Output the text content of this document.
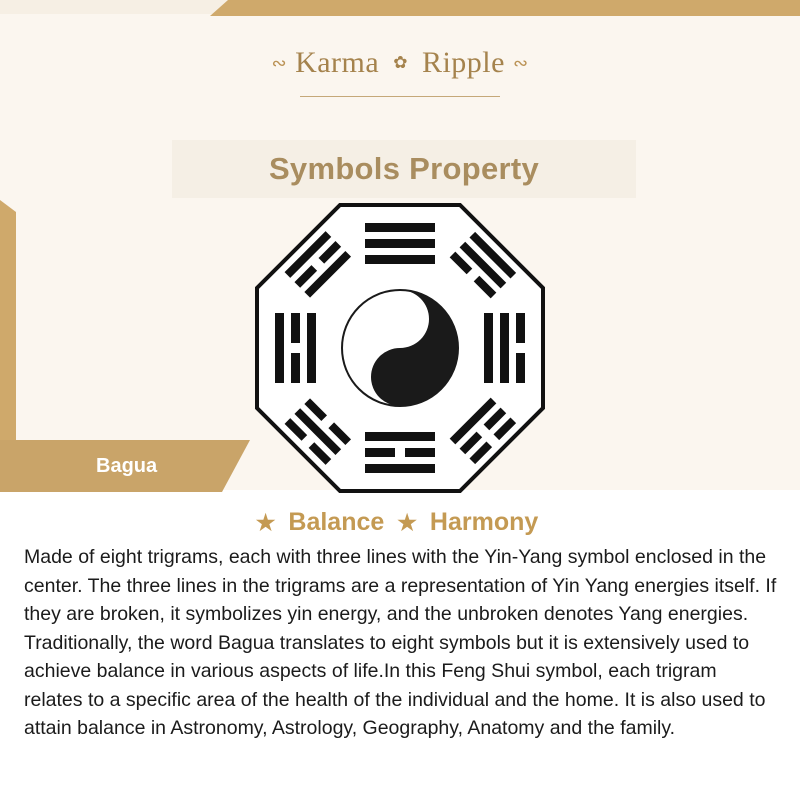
∾ Karma ✿ Ripple ∾
Symbols Property
Bagua
★ Balance ★ Harmony
Made of eight trigrams, each with three lines with the Yin-Yang symbol enclosed in the center. The three lines in the trigrams are a representation of Yin Yang energies itself. If they are broken, it symbolizes yin energy, and the unbroken denotes Yang energies. Traditionally, the word Bagua translates to eight symbols but it is extensively used to achieve balance in various aspects of life.In this Feng Shui symbol, each trigram relates to a specific area of the health of the individual and the home. It is also used to attain balance in Astronomy, Astrology, Geography, Anatomy and the family.
